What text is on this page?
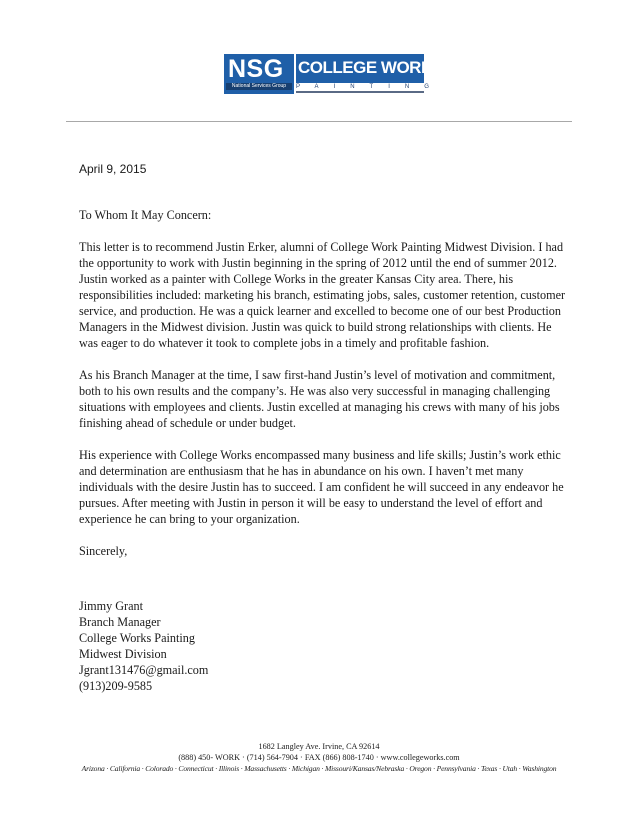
NSG
National Services Group
COLLEGE WORKS
PAINTING
April 9, 2015

To Whom It May Concern:

This letter is to recommend Justin Erker, alumni of College Work Painting Midwest Division. I had the opportunity to work with Justin beginning in the spring of 2012 until the end of summer 2012. Justin worked as a painter with College Works in the greater Kansas City area. There, his responsibilities included: marketing his branch, estimating jobs, sales, customer retention, customer service, and production. He was a quick learner and excelled to become one of our best Production Managers in the Midwest division. Justin was quick to build strong relationships with clients. He was eager to do whatever it took to complete jobs in a timely and profitable fashion.

As his Branch Manager at the time, I saw first-hand Justin’s level of motivation and commitment, both to his own results and the company’s. He was also very successful in managing challenging situations with employees and clients. Justin excelled at managing his crews with many of his jobs finishing ahead of schedule or under budget.

His experience with College Works encompassed many business and life skills; Justin’s work ethic and determination are enthusiasm that he has in abundance on his own. I haven’t met many individuals with the desire Justin has to succeed. I am confident he will succeed in any endeavor he pursues. After meeting with Justin in person it will be easy to understand the level of effort and experience he can bring to your organization.

Sincerely,

Jimmy Grant

Branch Manager

College Works Painting

Midwest Division

Jgrant131476@gmail.com

(913)209-9585

1682 Langley Ave. Irvine, CA 92614
(888) 450- WORK · (714) 564-7904 · FAX (866) 808-1740 · www.collegeworks.com
Arizona · California · Colorado · Connecticut · Illinois · Massachusetts · Michigan · Missouri/Kansas/Nebraska · Oregon · Pennsylvania · Texas · Utah · Washington
